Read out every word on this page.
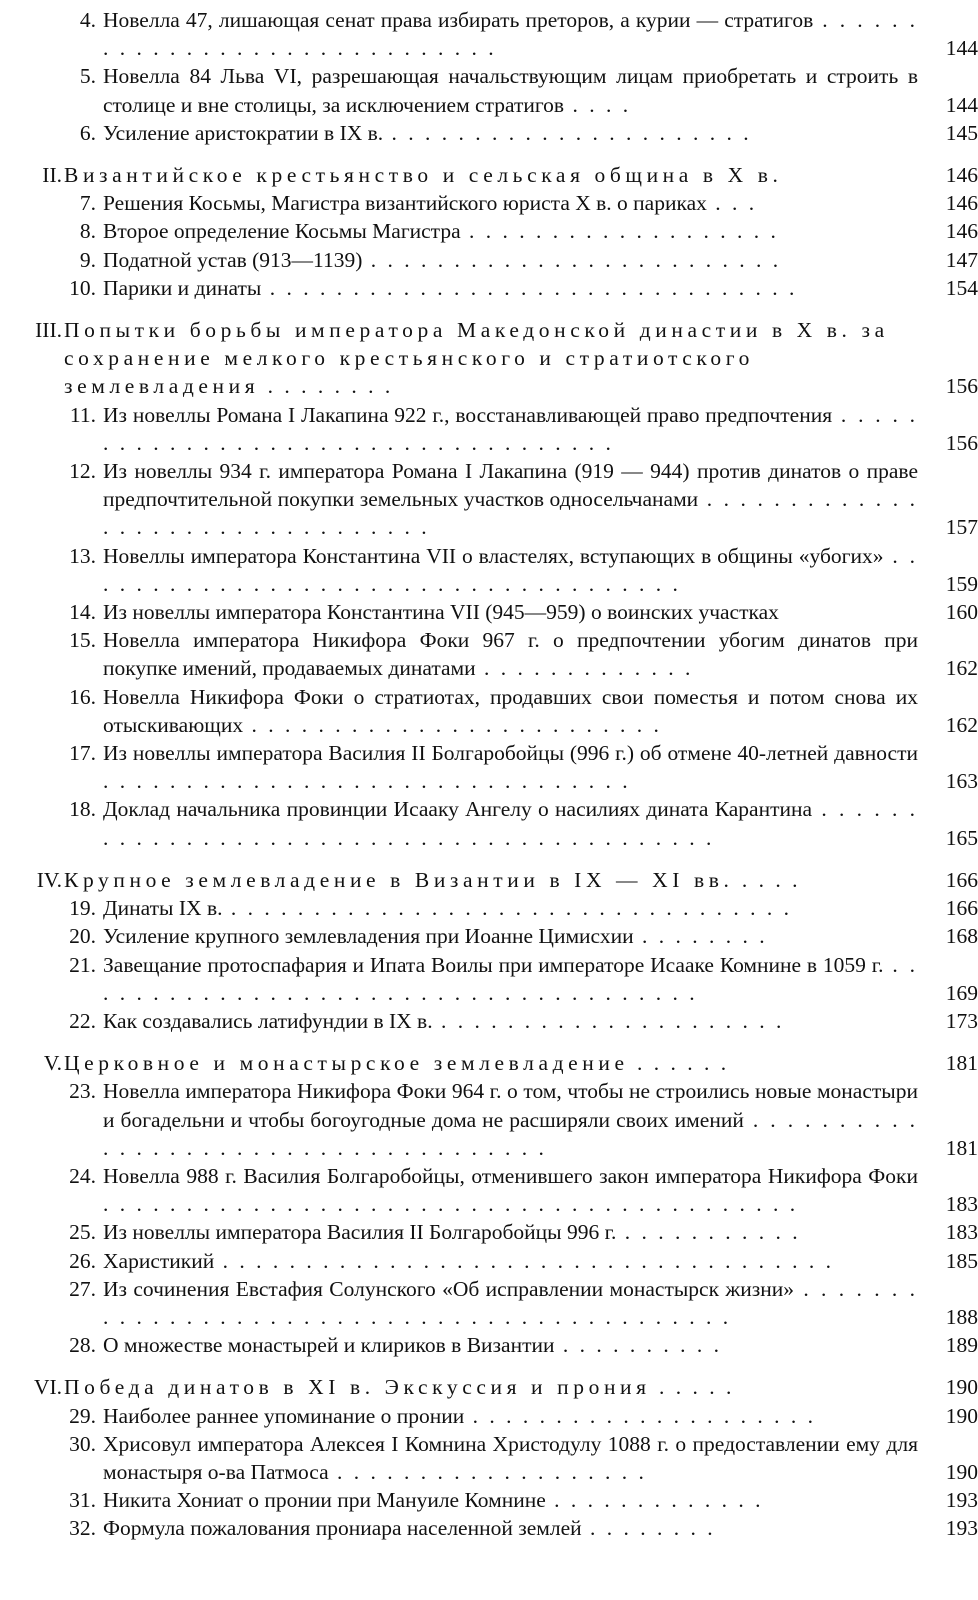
4. Новелла 47, лишающая сенат права избирать преторов, а курии — стратигов . . . . . . . . . . . . . . . . . . . . . . . . . . . . . .	144
5. Новелла 84 Льва VI, разрешающая начальствующим лицам приобретать и строить в столице и вне столицы, за исключением стратигов . . . .	144
6. Усиление аристократии в IX в. . . . . . . . . . . . . . . . . . . . . . .	145
II. Византийское крестьянство и сельская община в X в.	146
7. Решения Косьмы, Магистра византийского юриста X в. о париках . . .	146
8. Второе определение Косьмы Магистра . . . . . . . . . . . . . . . . . . .	146
9. Податной устав (913—1139) . . . . . . . . . . . . . . . . . . . . . . . . .	147
10. Парики и динаты . . . . . . . . . . . . . . . . . . . . . . . . . . . . . . . .	154
III. Попытки борьбы императора Македонской династии в X в. за сохранение мелкого крестьянского и стратиотского землевладения . . . . . . . .	156
11. Из новеллы Романа I Лакапина 922 г., восстанавливающей право предпочтения . . . . . . . . . . . . . . . . . . . . . . . . . . . . . . . . . . . .	156
12. Из новеллы 934 г. императора Романа I Лакапина (919 — 944) против динатов о праве предпочтительной покупки земельных участков односельчанами . . . . . . . . . . . . . . . . . . . . . . . . . . . . . . . . .	157
13. Новеллы императора Константина VII о властелях, вступающих в общины «убогих» . . . . . . . . . . . . . . . . . . . . . . . . . . . . . . . . . . . . .	159
14. Из новеллы императора Константина VII (945—959) о воинских участках	160
15. Новелла императора Никифора Фоки 967 г. о предпочтении убогим динатов при покупке имений, продаваемых динатами . . . . . . . . . . . . .	162
16. Новелла Никифора Фоки о стратиотах, продавших свои поместья и потом снова их отыскивающих . . . . . . . . . . . . . . . . . . . . . . . . .	162
17. Из новеллы императора Василия II Болгаробойцы (996 г.) об отмене 40-летней давности . . . . . . . . . . . . . . . . . . . . . . . . . . . . . . . .	163
18. Доклад начальника провинции Исааку Ангелу о насилиях дината Карантина . . . . . . . . . . . . . . . . . . . . . . . . . . . . . . . . . . . . . . . . . . .	165
IV. Крупное землевладение в Византии в IX — XI вв. . . . .	166
19. Динаты IX в. . . . . . . . . . . . . . . . . . . . . . . . . . . . . . . . . . .	166
20. Усиление крупного землевладения при Иоанне Цимисхии . . . . . . . .	168
21. Завещание протоспафария и Ипата Воилы при императоре Исааке Комнине в 1059 г. . . . . . . . . . . . . . . . . . . . . . . . . . . . . . . . . . . . . . .	169
22. Как создавались латифундии в IX в. . . . . . . . . . . . . . . . . . . . . .	173
V. Церковное и монастырское землевладение . . . . . .	181
23. Новелла императора Никифора Фоки 964 г. о том, чтобы не строились новые монастыри и богадельни и чтобы богоугодные дома не расширяли своих имений . . . . . . . . . . . . . . . . . . . . . . . . . . . . . . . . . . . . .	181
24. Новелла 988 г. Василия Болгаробойцы, отменившего закон императора Никифора Фоки . . . . . . . . . . . . . . . . . . . . . . . . . . . . . . . . . . . . . . . . . .	183
25. Из новеллы императора Василия II Болгаробойцы 996 г. . . . . . . . . . . .	183
26. Харистикий . . . . . . . . . . . . . . . . . . . . . . . . . . . . . . . . . . . . .	185
27. Из сочинения Евстафия Солунского «Об исправлении монастырск жизни» . . . . . . . . . . . . . . . . . . . . . . . . . . . . . . . . . . . . . . . . . . . . .	188
28. О множестве монастырей и клириков в Византии . . . . . . . . . .	189
VI. Победа динатов в XI в. Экскуссия и прония . . . . .	190
29. Наиболее раннее упоминание о пронии . . . . . . . . . . . . . . . . . . . . .	190
30. Хрисовул императора Алексея I Комнина Христодулу 1088 г. о предоставлении ему для монастыря о-ва Патмоса . . . . . . . . . . . . . . . . . . .	190
31. Никита Хониат о пронии при Мануиле Комнине . . . . . . . . . . . . .	193
32. Формула пожалования прониара населенной землей . . . . . . . .	193
